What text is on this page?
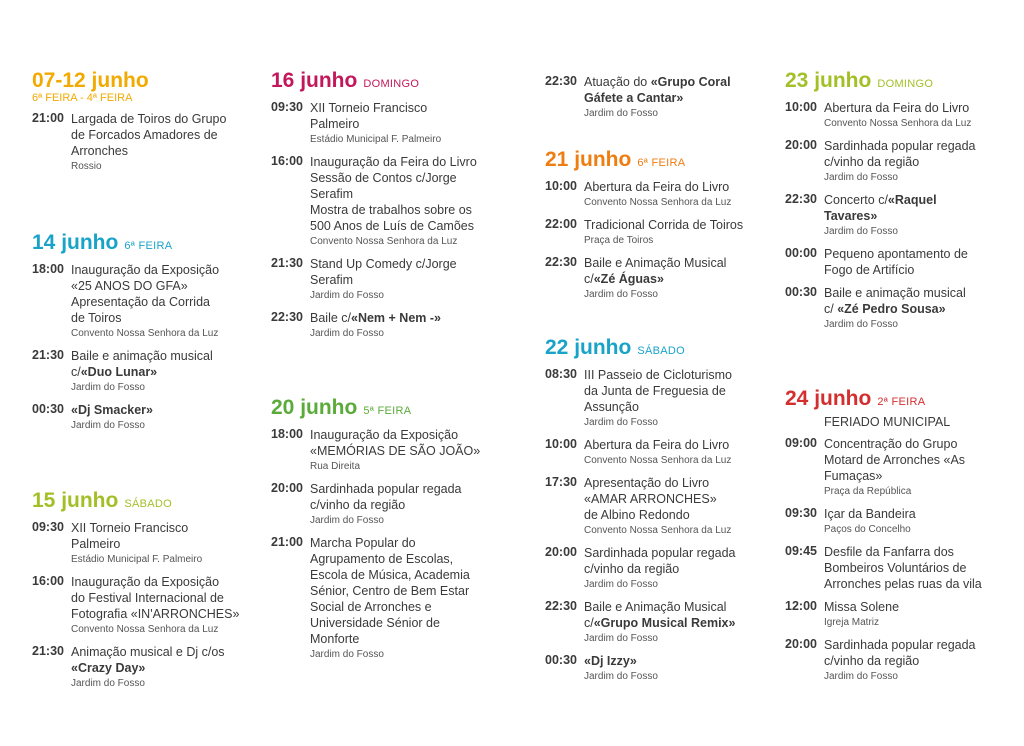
07-12 junho
6ª FEIRA - 4ª FEIRA
21:00 Largada de Toiros do Grupo
de Forcados Amadores de
Arronches
Rossio
14 junho 6ª FEIRA
18:00 Inauguração da Exposição
«25 ANOS DO GFA»
Apresentação da Corrida
de Toiros
Convento Nossa Senhora da Luz
21:30 Baile e animação musical
c/«Duo Lunar»
Jardim do Fosso
00:30 «Dj Smacker»
Jardim do Fosso
15 junho SÁBADO
09:30 XII Torneio Francisco
Palmeiro
Estádio Municipal F. Palmeiro
16:00 Inauguração da Exposição
do Festival Internacional de
Fotografia «IN'ARRONCHES»
Convento Nossa Senhora da Luz
21:30 Animação musical e Dj c/os
«Crazy Day»
Jardim do Fosso
16 junho DOMINGO
09:30 XII Torneio Francisco
Palmeiro
Estádio Municipal F. Palmeiro
16:00 Inauguração da Feira do Livro
Sessão de Contos c/Jorge
Serafim
Mostra de trabalhos sobre os
500 Anos de Luís de Camões
Convento Nossa Senhora da Luz
21:30 Stand Up Comedy c/Jorge
Serafim
Jardim do Fosso
22:30 Baile c/«Nem + Nem -»
Jardim do Fosso
20 junho 5ª FEIRA
18:00 Inauguração da Exposição
«MEMÓRIAS DE SÃO JOÃO»
Rua Direita
20:00 Sardinhada popular regada
c/vinho da região
Jardim do Fosso
21:00 Marcha Popular do
Agrupamento de Escolas,
Escola de Música, Academia
Sénior, Centro de Bem Estar
Social de Arronches e
Universidade Sénior de
Monforte
Jardim do Fosso
22:30 Atuação do «Grupo Coral
Gáfete a Cantar»
Jardim do Fosso
21 junho 6ª FEIRA
10:00 Abertura da Feira do Livro
Convento Nossa Senhora da Luz
22:00 Tradicional Corrida de Toiros
Praça de Toiros
22:30 Baile e Animação Musical
c/«Zé Águas»
Jardim do Fosso
22 junho SÁBADO
08:30 III Passeio de Cicloturismo
da Junta de Freguesia de
Assunção
Jardim do Fosso
10:00 Abertura da Feira do Livro
Convento Nossa Senhora da Luz
17:30 Apresentação do Livro
«AMAR ARRONCHES»
de Albino Redondo
Convento Nossa Senhora da Luz
20:00 Sardinhada popular regada
c/vinho da região
Jardim do Fosso
22:30 Baile e Animação Musical
c/«Grupo Musical Remix»
Jardim do Fosso
00:30 «Dj Izzy»
Jardim do Fosso
23 junho DOMINGO
10:00 Abertura da Feira do Livro
Convento Nossa Senhora da Luz
20:00 Sardinhada popular regada
c/vinho da região
Jardim do Fosso
22:30 Concerto c/«Raquel
Tavares»
Jardim do Fosso
00:00 Pequeno apontamento de
Fogo de Artifício
00:30 Baile e animação musical
c/ «Zé Pedro Sousa»
Jardim do Fosso
24 junho 2ª FEIRA
FERIADO MUNICIPAL
09:00 Concentração do Grupo
Motard de Arronches «As
Fumaças»
Praça da República
09:30 Içar da Bandeira
Paços do Concelho
09:45 Desfile da Fanfarra dos
Bombeiros Voluntários de
Arronches pelas ruas da vila
12:00 Missa Solene
Igreja Matriz
20:00 Sardinhada popular regada
c/vinho da região
Jardim do Fosso
